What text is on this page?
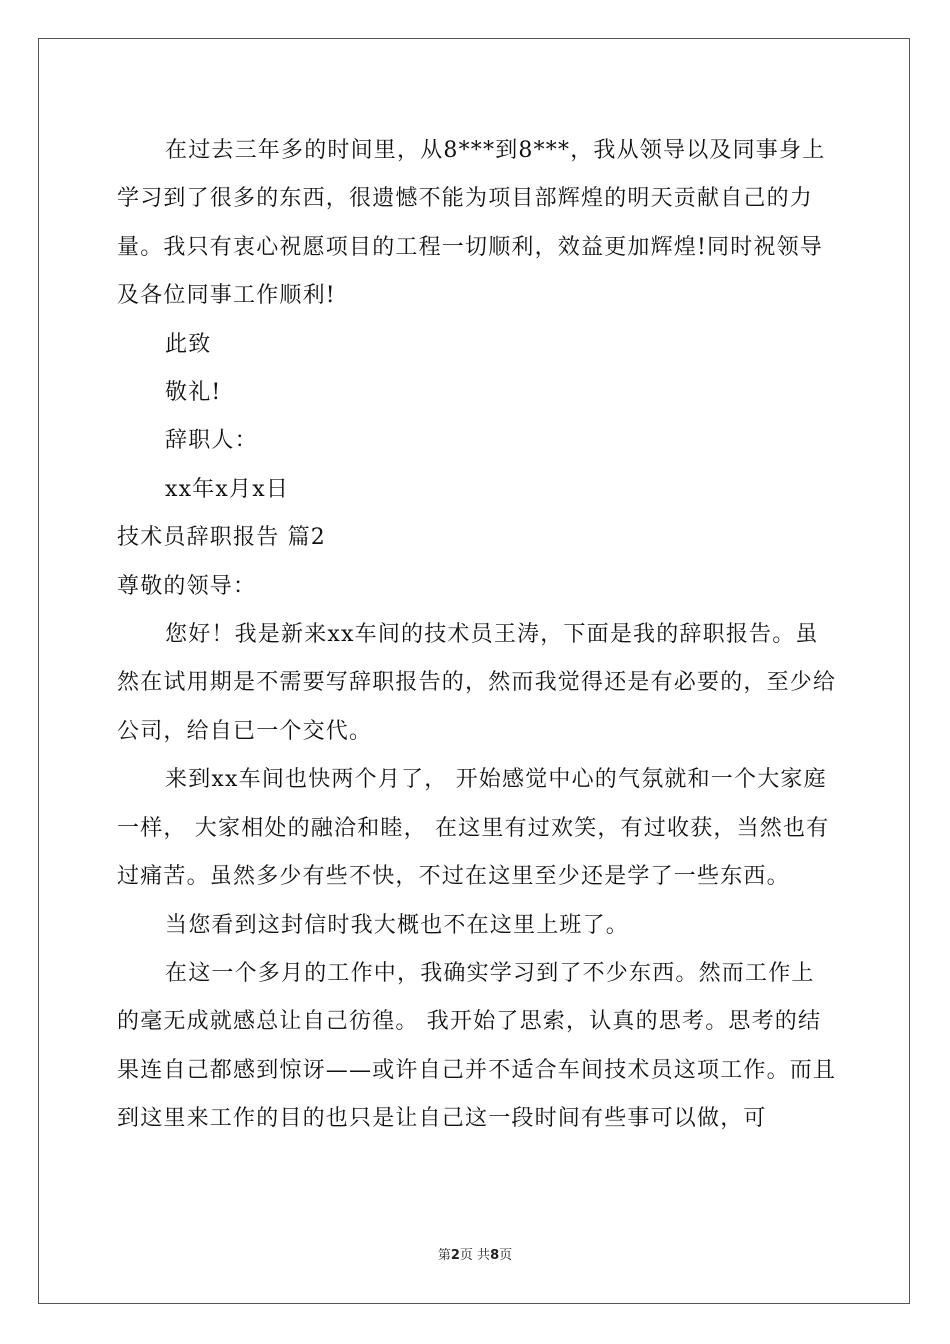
在过去三年多的时间里，从8***到8***，我从领导以及同事身上学习到了很多的东西，很遗憾不能为项目部辉煌的明天贡献自己的力量。我只有衷心祝愿项目的工程一切顺利，效益更加辉煌!同时祝领导及各位同事工作顺利!

此致

敬礼!

辞职人：

xx年x月x日

技术员辞职报告 篇2

尊敬的领导：

您好！我是新来xx车间的技术员王涛，下面是我的辞职报告。虽然在试用期是不需要写辞职报告的，然而我觉得还是有必要的，至少给公司，给自已一个交代。

来到xx车间也快两个月了， 开始感觉中心的气氛就和一个大家庭一样， 大家相处的融洽和睦， 在这里有过欢笑，有过收获，当然也有过痛苦。虽然多少有些不快，不过在这里至少还是学了一些东西。

当您看到这封信时我大概也不在这里上班了。

在这一个多月的工作中，我确实学习到了不少东西。然而工作上的毫无成就感总让自己彷徨。 我开始了思索，认真的思考。思考的结果连自己都感到惊讶——或许自己并不适合车间技术员这项工作。而且到这里来工作的目的也只是让自己这一段时间有些事可以做，可

第2页 共8页
